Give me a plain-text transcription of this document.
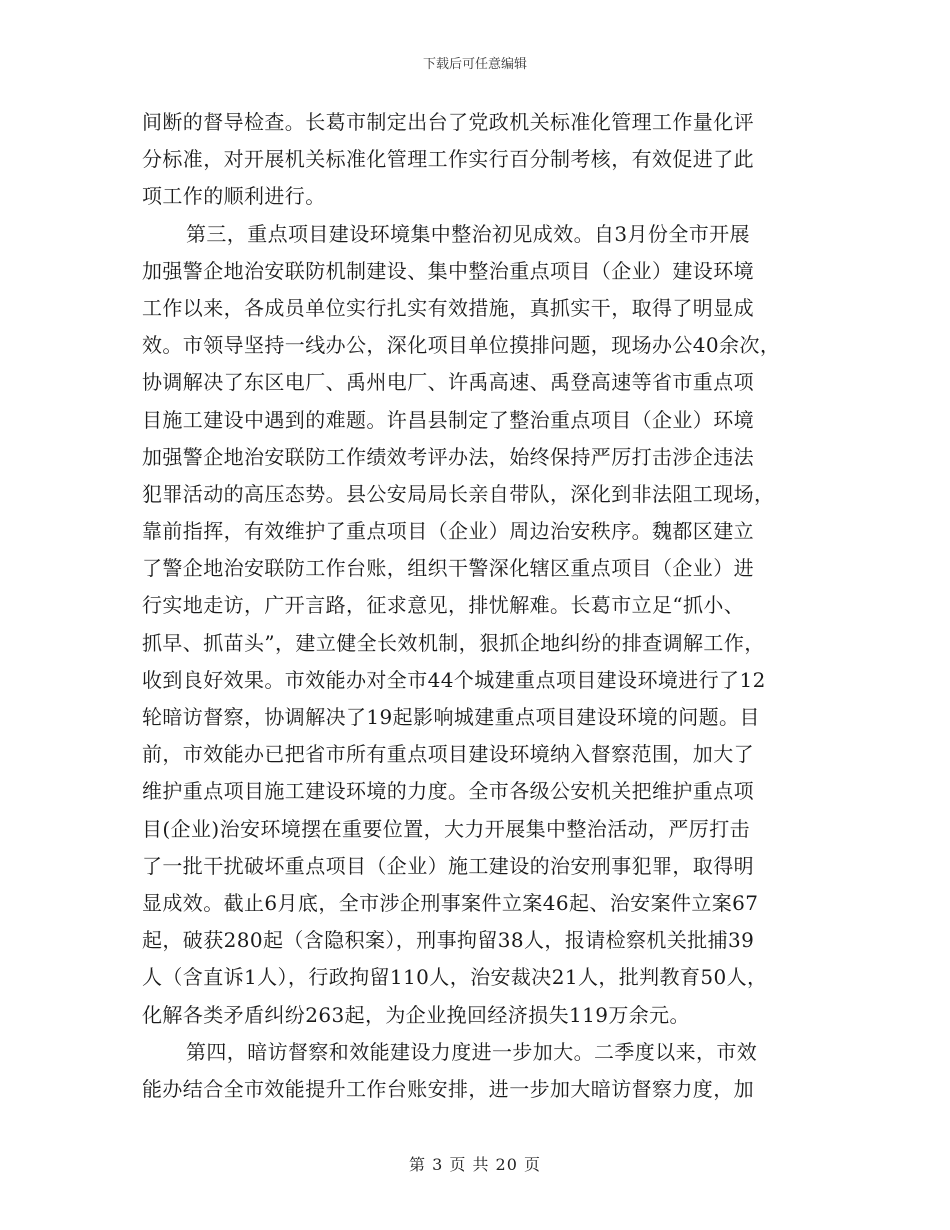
下载后可任意编辑
间断的督导检查。长葛市制定出台了党政机关标准化管理工作量化评
分标准，对开展机关标准化管理工作实行百分制考核，有效促进了此
项工作的顺利进行。
第三，重点项目建设环境集中整治初见成效。自3月份全市开展
加强警企地治安联防机制建设、集中整治重点项目（企业）建设环境
工作以来，各成员单位实行扎实有效措施，真抓实干，取得了明显成
效。市领导坚持一线办公，深化项目单位摸排问题，现场办公40余次，
协调解决了东区电厂、禹州电厂、许禹高速、禹登高速等省市重点项
目施工建设中遇到的难题。许昌县制定了整治重点项目（企业）环境
加强警企地治安联防工作绩效考评办法，始终保持严厉打击涉企违法
犯罪活动的高压态势。县公安局局长亲自带队，深化到非法阻工现场，
靠前指挥，有效维护了重点项目（企业）周边治安秩序。魏都区建立
了警企地治安联防工作台账，组织干警深化辖区重点项目（企业）进
行实地走访，广开言路，征求意见，排忧解难。长葛市立足“抓小、
抓早、抓苗头”，建立健全长效机制，狠抓企地纠纷的排查调解工作，
收到良好效果。市效能办对全市44个城建重点项目建设环境进行了12
轮暗访督察，协调解决了19起影响城建重点项目建设环境的问题。目
前，市效能办已把省市所有重点项目建设环境纳入督察范围，加大了
维护重点项目施工建设环境的力度。全市各级公安机关把维护重点项
目(企业)治安环境摆在重要位置，大力开展集中整治活动，严厉打击
了一批干扰破坏重点项目（企业）施工建设的治安刑事犯罪，取得明
显成效。截止6月底，全市涉企刑事案件立案46起、治安案件立案67
起，破获280起（含隐积案），刑事拘留38人，报请检察机关批捕39
人（含直诉1人），行政拘留110人，治安裁决21人，批判教育50人，
化解各类矛盾纠纷263起，为企业挽回经济损失119万余元。
第四，暗访督察和效能建设力度进一步加大。二季度以来，市效
能办结合全市效能提升工作台账安排，进一步加大暗访督察力度，加
第 3 页 共 20 页
